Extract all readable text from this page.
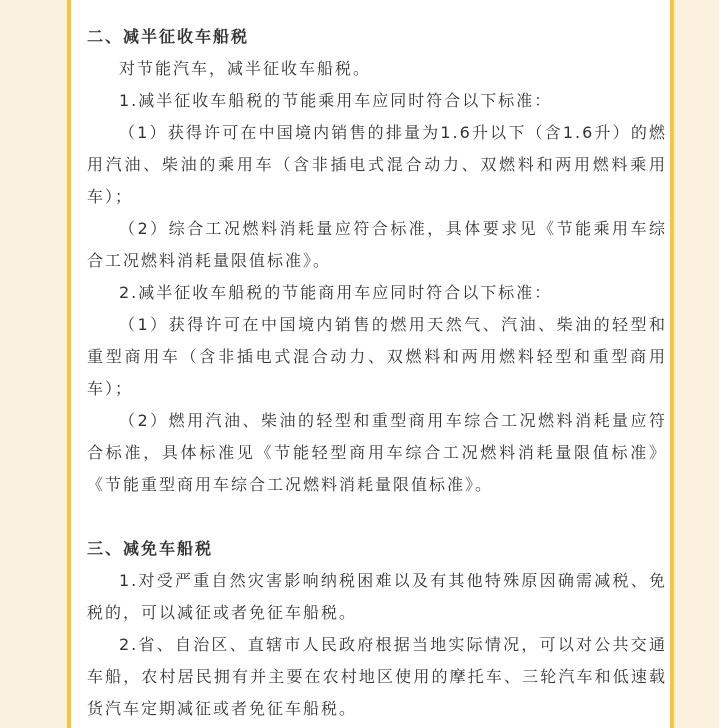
二、减半征收车船税

对节能汽车，减半征收车船税。

1.减半征收车船税的节能乘用车应同时符合以下标准：

（1）获得许可在中国境内销售的排量为1.6升以下（含1.6升）的燃用汽油、柴油的乘用车（含非插电式混合动力、双燃料和两用燃料乘用车）；

（2）综合工况燃料消耗量应符合标准，具体要求见《节能乘用车综合工况燃料消耗量限值标准》。

2.减半征收车船税的节能商用车应同时符合以下标准：

（1）获得许可在中国境内销售的燃用天然气、汽油、柴油的轻型和重型商用车（含非插电式混合动力、双燃料和两用燃料轻型和重型商用车）；

（2）燃用汽油、柴油的轻型和重型商用车综合工况燃料消耗量应符合标准，具体标准见《节能轻型商用车综合工况燃料消耗量限值标准》《节能重型商用车综合工况燃料消耗量限值标准》。

三、减免车船税

1.对受严重自然灾害影响纳税困难以及有其他特殊原因确需减税、免税的，可以减征或者免征车船税。

2.省、自治区、直辖市人民政府根据当地实际情况，可以对公共交通车船，农村居民拥有并主要在农村地区使用的摩托车、三轮汽车和低速载货汽车定期减征或者免征车船税。
